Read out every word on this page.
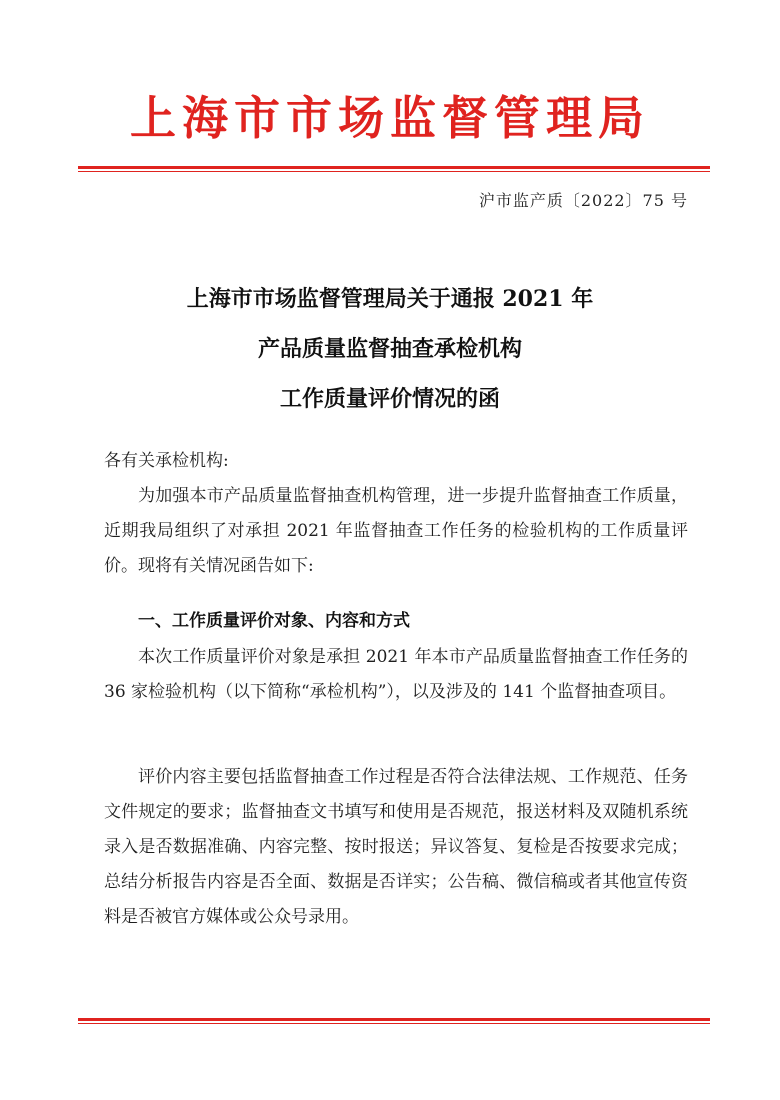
上海市市场监督管理局
沪市监产质〔2022〕75 号
上海市市场监督管理局关于通报 2021 年
产品质量监督抽查承检机构
工作质量评价情况的函
各有关承检机构:
为加强本市产品质量监督抽查机构管理，进一步提升监督抽查工作质量，近期我局组织了对承担 2021 年监督抽查工作任务的检验机构的工作质量评价。现将有关情况函告如下:
一、工作质量评价对象、内容和方式
本次工作质量评价对象是承担 2021 年本市产品质量监督抽查工作任务的 36 家检验机构（以下简称“承检机构”），以及涉及的 141 个监督抽查项目。
评价内容主要包括监督抽查工作过程是否符合法律法规、工作规范、任务文件规定的要求；监督抽查文书填写和使用是否规范，报送材料及双随机系统录入是否数据准确、内容完整、按时报送；异议答复、复检是否按要求完成；总结分析报告内容是否全面、数据是否详实；公告稿、微信稿或者其他宣传资料是否被官方媒体或公众号录用。
